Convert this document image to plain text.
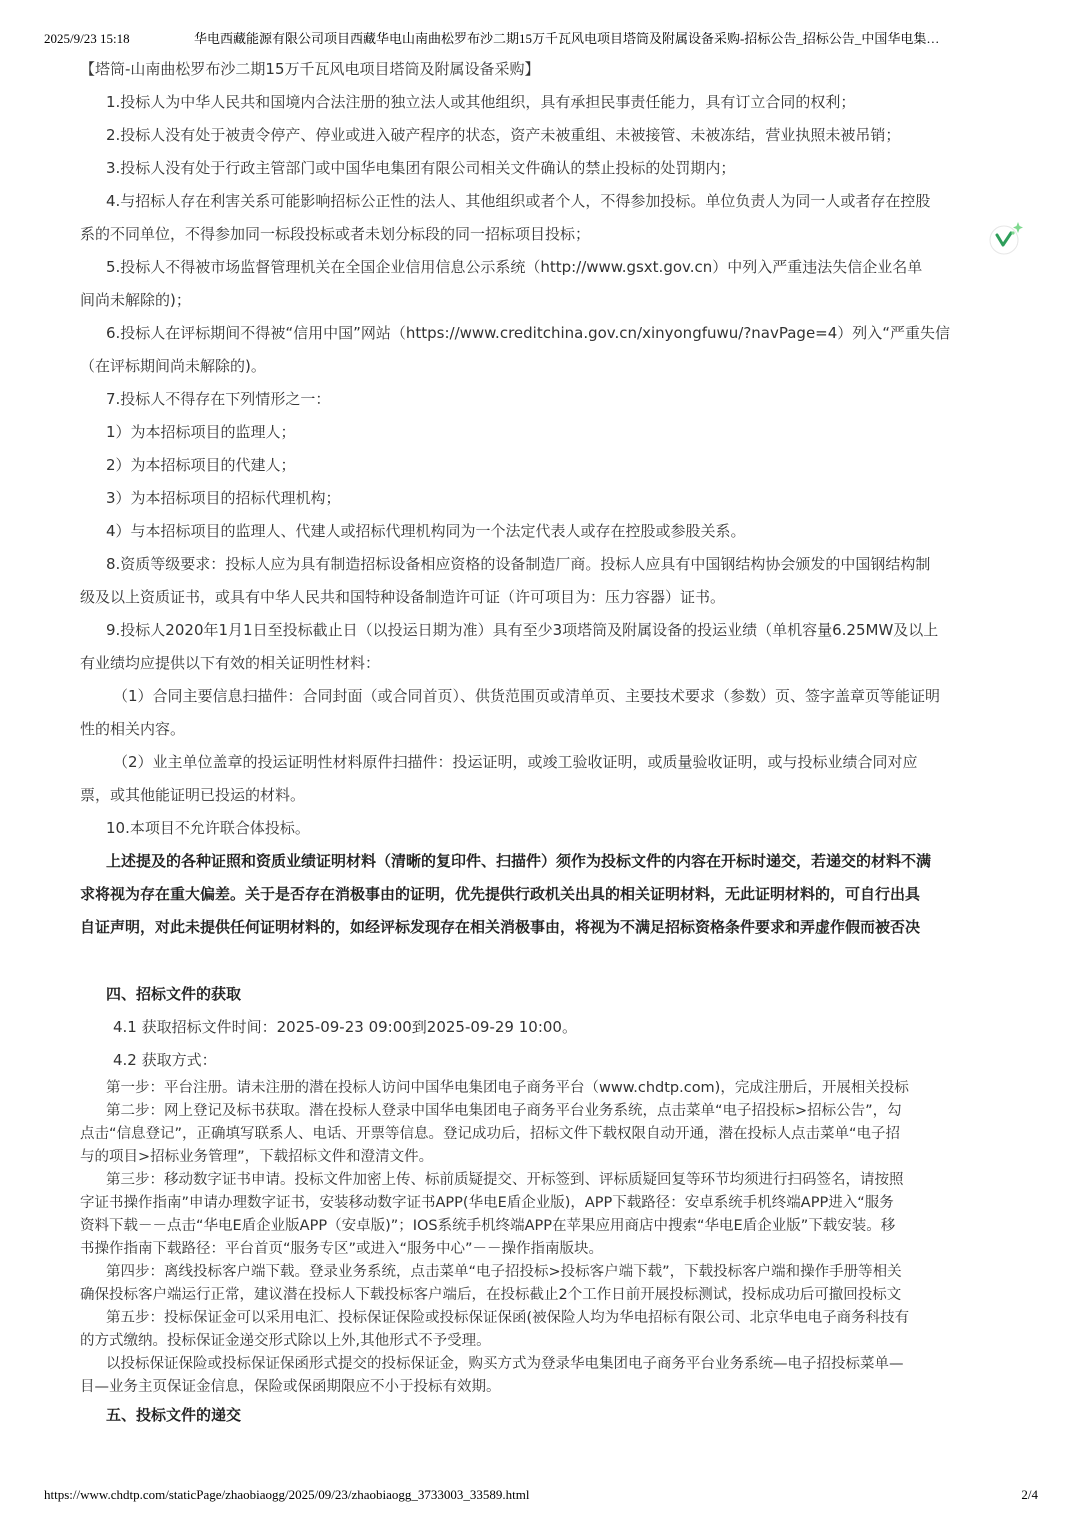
2025/9/23 15:18	华电西藏能源有限公司项目西藏华电山南曲松罗布沙二期15万千瓦风电项目塔筒及附属设备采购-招标公告_招标公告_中国华电集…
【塔筒-山南曲松罗布沙二期15万千瓦风电项目塔筒及附属设备采购】
1.投标人为中华人民共和国境内合法注册的独立法人或其他组织，具有承担民事责任能力，具有订立合同的权利；
2.投标人没有处于被责令停产、停业或进入破产程序的状态，资产未被重组、未被接管、未被冻结，营业执照未被吊销；
3.投标人没有处于行政主管部门或中国华电集团有限公司相关文件确认的禁止投标的处罚期内；
4.与招标人存在利害关系可能影响招标公正性的法人、其他组织或者个人，不得参加投标。单位负责人为同一人或者存在控股
系的不同单位，不得参加同一标段投标或者未划分标段的同一招标项目投标；
5.投标人不得被市场监督管理机关在全国企业信用信息公示系统（http://www.gsxt.gov.cn）中列入严重违法失信企业名单
间尚未解除的)；
6.投标人在评标期间不得被“信用中国”网站（https://www.creditchina.gov.cn/xinyongfuwu/?navPage=4）列入“严重失信
（在评标期间尚未解除的)。
7.投标人不得存在下列情形之一：
1）为本招标项目的监理人；
2）为本招标项目的代建人；
3）为本招标项目的招标代理机构；
4）与本招标项目的监理人、代建人或招标代理机构同为一个法定代表人或存在控股或参股关系。
8.资质等级要求：投标人应为具有制造招标设备相应资格的设备制造厂商。投标人应具有中国钢结构协会颁发的中国钢结构制
级及以上资质证书，或具有中华人民共和国特种设备制造许可证（许可项目为：压力容器）证书。
9.投标人2020年1月1日至投标截止日（以投运日期为准）具有至少3项塔筒及附属设备的投运业绩（单机容量6.25MW及以上
有业绩均应提供以下有效的相关证明性材料：
（1）合同主要信息扫描件：合同封面（或合同首页）、供货范围页或清单页、主要技术要求（参数）页、签字盖章页等能证明
性的相关内容。
（2）业主单位盖章的投运证明性材料原件扫描件：投运证明，或竣工验收证明，或质量验收证明，或与投标业绩合同对应
票，或其他能证明已投运的材料。
10.本项目不允许联合体投标。
上述提及的各种证照和资质业绩证明材料（清晰的复印件、扫描件）须作为投标文件的内容在开标时递交，若递交的材料不满
求将视为存在重大偏差。关于是否存在消极事由的证明，优先提供行政机关出具的相关证明材料，无此证明材料的，可自行出具
自证声明，对此未提供任何证明材料的，如经评标发现存在相关消极事由，将视为不满足招标资格条件要求和弄虚作假而被否决
四、招标文件的获取
4.1 获取招标文件时间：2025-09-23 09:00到2025-09-29 10:00。
4.2 获取方式：
第一步：平台注册。请未注册的潜在投标人访问中国华电集团电子商务平台（www.chdtp.com)，完成注册后，开展相关投标
第二步：网上登记及标书获取。潜在投标人登录中国华电集团电子商务平台业务系统，点击菜单“电子招投标>招标公告”，勾
点击“信息登记”，正确填写联系人、电话、开票等信息。登记成功后，招标文件下载权限自动开通，潜在投标人点击菜单“电子招
与的项目>招标业务管理”，下载招标文件和澄清文件。
第三步：移动数字证书申请。投标文件加密上传、标前质疑提交、开标签到、评标质疑回复等环节均须进行扫码签名，请按照
字证书操作指南”申请办理数字证书，安装移动数字证书APP(华电E盾企业版)，APP下载路径：安卓系统手机终端APP进入“服务
资料下载－－点击“华电E盾企业版APP（安卓版)”；IOS系统手机终端APP在苹果应用商店中搜索“华电E盾企业版”下载安装。移
书操作指南下载路径：平台首页“服务专区”或进入“服务中心”－－操作指南版块。
第四步：离线投标客户端下载。登录业务系统，点击菜单“电子招投标>投标客户端下载”，下载投标客户端和操作手册等相关
确保投标客户端运行正常，建议潜在投标人下载投标客户端后，在投标截止2个工作日前开展投标测试，投标成功后可撤回投标文
第五步：投标保证金可以采用电汇、投标保证保险或投标保证保函(被保险人均为华电招标有限公司、北京华电电子商务科技有
的方式缴纳。投标保证金递交形式除以上外,其他形式不予受理。
以投标保证保险或投标保证保函形式提交的投标保证金，购买方式为登录华电集团电子商务平台业务系统—电子招投标菜单—
目—业务主页保证金信息，保险或保函期限应不小于投标有效期。
五、投标文件的递交
https://www.chdtp.com/staticPage/zhaobiaogg/2025/09/23/zhaobiaogg_3733003_33589.html	2/4
